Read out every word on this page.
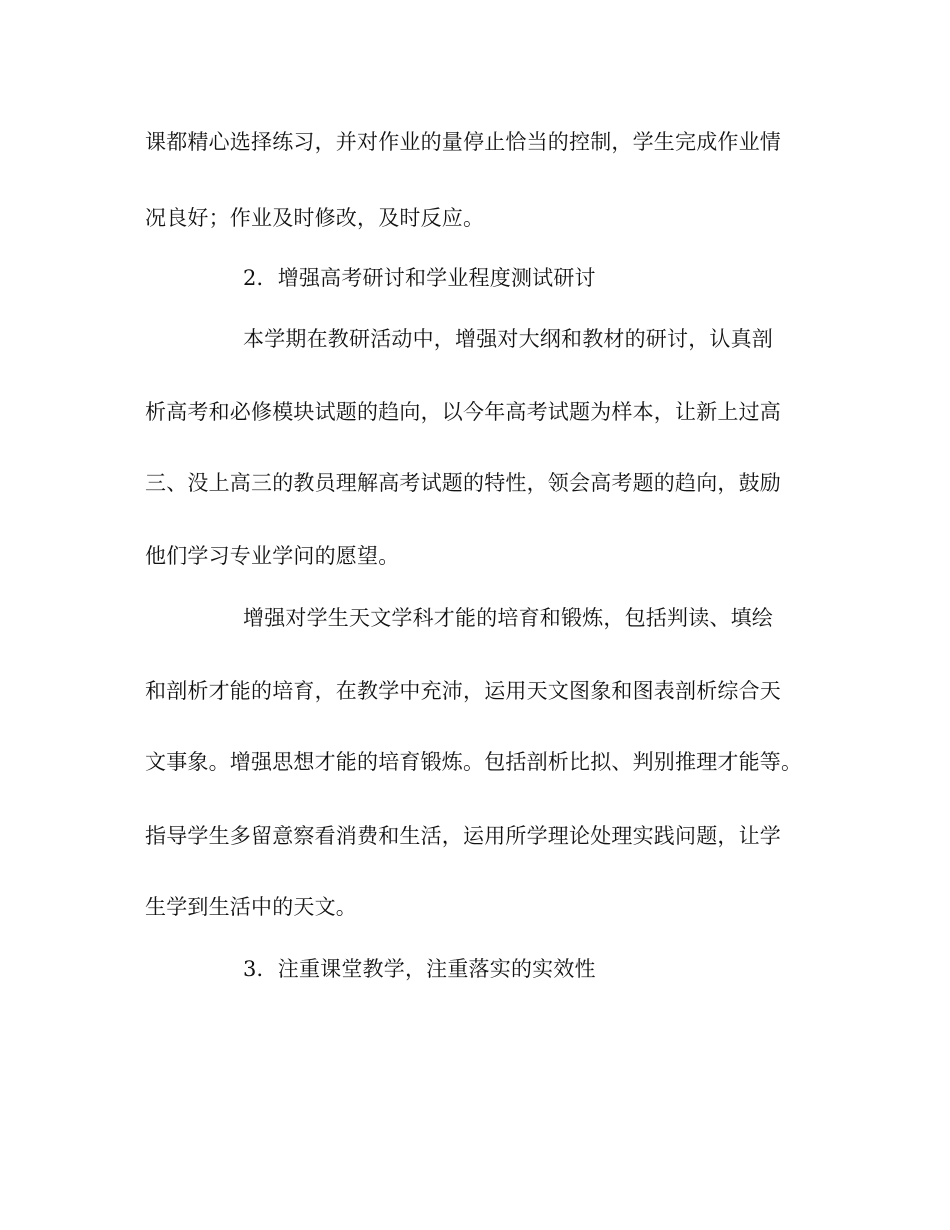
课都精心选择练习，并对作业的量停止恰当的控制，学生完成作业情
况良好；作业及时修改，及时反应。
2．增强高考研讨和学业程度测试研讨
本学期在教研活动中，增强对大纲和教材的研讨，认真剖
析高考和必修模块试题的趋向，以今年高考试题为样本，让新上过高
三、没上高三的教员理解高考试题的特性，领会高考题的趋向，鼓励
他们学习专业学问的愿望。
增强对学生天文学科才能的培育和锻炼，包括判读、填绘
和剖析才能的培育，在教学中充沛，运用天文图象和图表剖析综合天
文事象。增强思想才能的培育锻炼。包括剖析比拟、判别推理才能等。
指导学生多留意察看消费和生活，运用所学理论处理实践问题，让学
生学到生活中的天文。
3．注重课堂教学，注重落实的实效性
